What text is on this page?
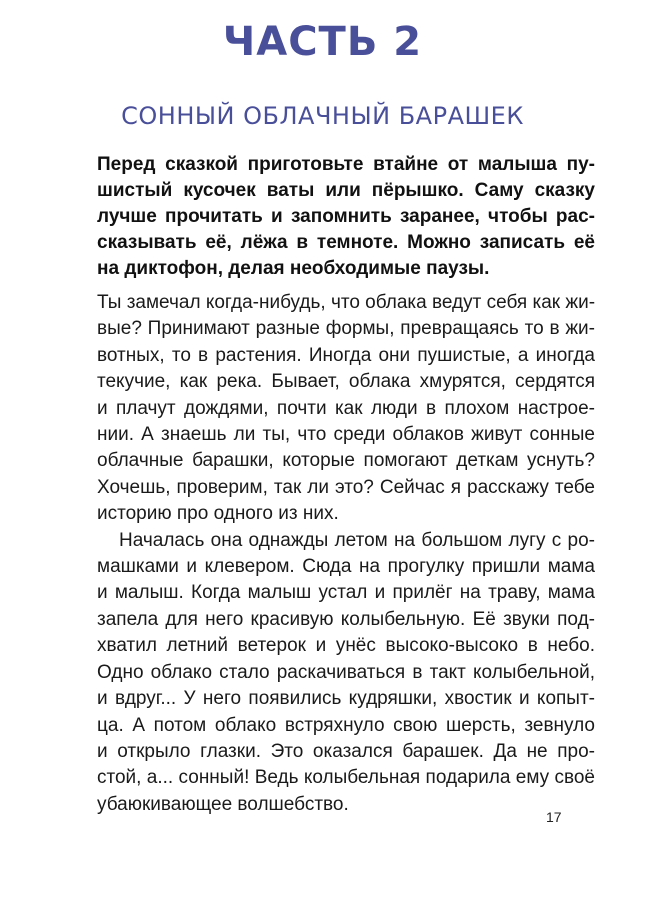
ЧАСТЬ 2
СОННЫЙ ОБЛАЧНЫЙ БАРАШЕК
Перед сказкой приготовьте втайне от малыша пу-
шистый кусочек ваты или пёрышко. Саму сказку
лучше прочитать и запомнить заранее, чтобы рас-
сказывать её, лёжа в темноте. Можно записать её
на диктофон, делая необходимые паузы.
Ты замечал когда-нибудь, что облака ведут себя как жи-
вые? Принимают разные формы, превращаясь то в жи-
вотных, то в растения. Иногда они пушистые, а иногда
текучие, как река. Бывает, облака хмурятся, сердятся
и плачут дождями, почти как люди в плохом настрое-
нии. А знаешь ли ты, что среди облаков живут сонные
облачные барашки, которые помогают деткам уснуть?
Хочешь, проверим, так ли это? Сейчас я расскажу тебе
историю про одного из них.
Началась она однажды летом на большом лугу с ро-
машками и клевером. Сюда на прогулку пришли мама
и малыш. Когда малыш устал и прилёг на траву, мама
запела для него красивую колыбельную. Её звуки под-
хватил летний ветерок и унёс высоко-высоко в небо.
Одно облако стало раскачиваться в такт колыбельной,
и вдруг... У него появились кудряшки, хвостик и копыт-
ца. А потом облако встряхнуло свою шерсть, зевнуло
и открыло глазки. Это оказался барашек. Да не про-
стой, а... сонный! Ведь колыбельная подарила ему своё
убаюкивающее волшебство.
17
